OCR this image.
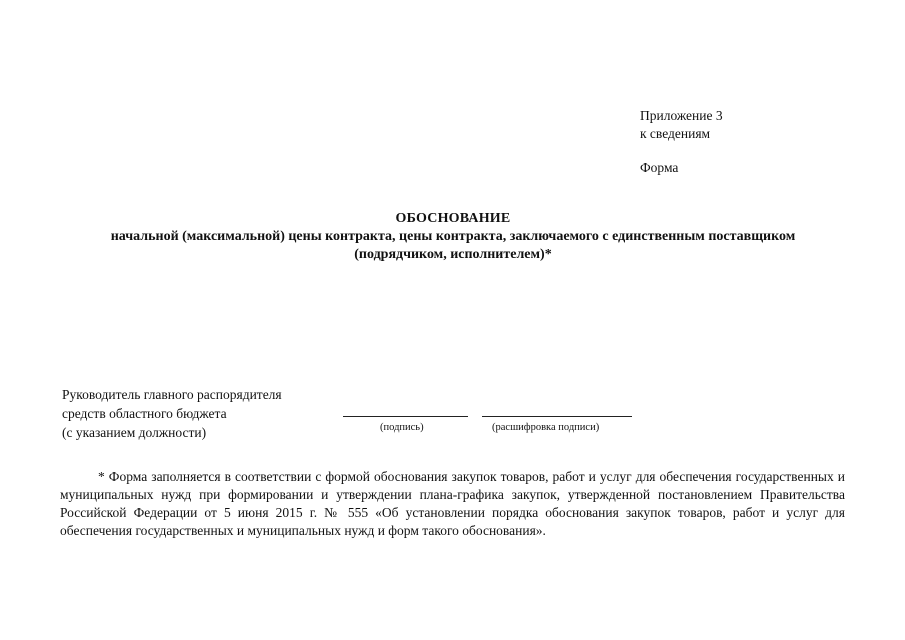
Приложение 3
к сведениям
Форма
ОБОСНОВАНИЕ
начальной (максимальной) цены контракта, цены контракта, заключаемого с единственным поставщиком
(подрядчиком, исполнителем)*
Руководитель главного распорядителя
средств областного бюджета
(с указанием должности)	(подпись)	(расшифровка подписи)

* Форма заполняется в соответствии с формой обоснования закупок товаров, работ и услуг для обеспечения государственных и муниципальных нужд при формировании и утверждении плана-графика закупок, утвержденной постановлением Правительства Российской Федерации от 5 июня 2015 г. № 555 «Об установлении порядка обоснования закупок товаров, работ и услуг для обеспечения государственных и муниципальных нужд и форм такого обоснования».
